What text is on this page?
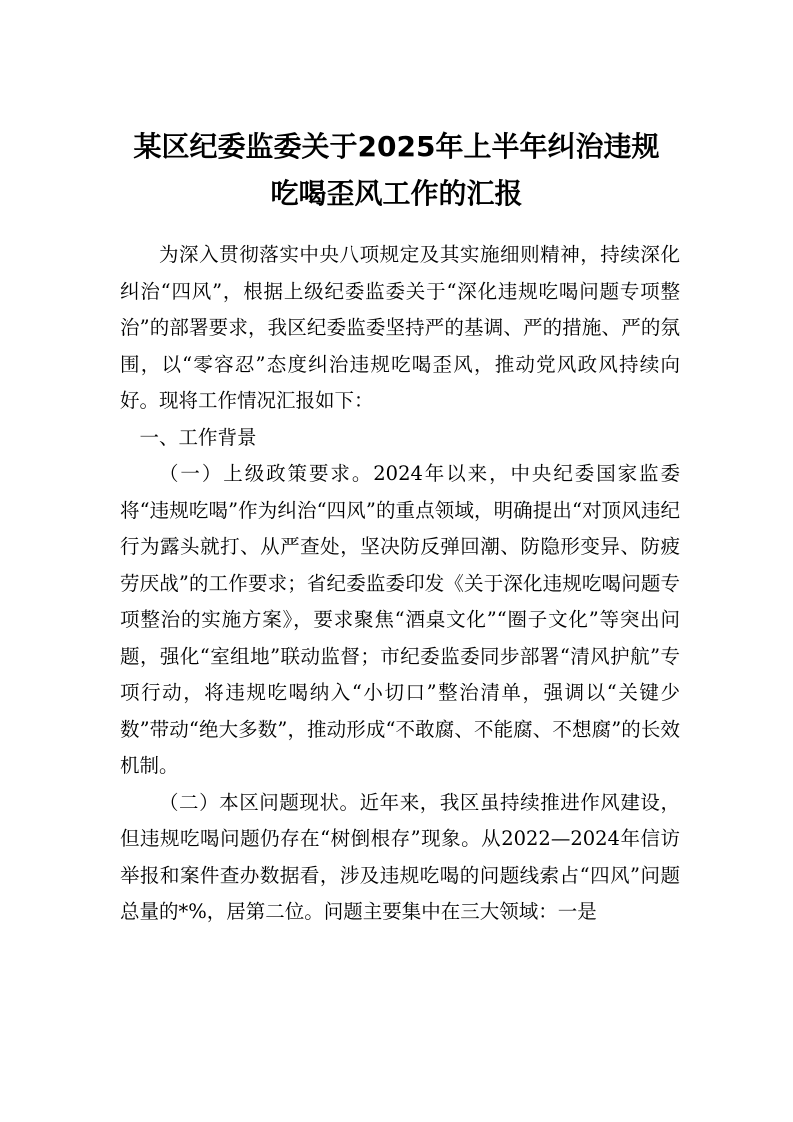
某区纪委监委关于2025年上半年纠治违规
吃喝歪风工作的汇报

为深入贯彻落实中央八项规定及其实施细则精神，持续深化纠治“四风”，根据上级纪委监委关于“深化违规吃喝问题专项整治”的部署要求，我区纪委监委坚持严的基调、严的措施、严的氛围，以“零容忍”态度纠治违规吃喝歪风，推动党风政风持续向好。现将工作情况汇报如下：

一、工作背景

（一）上级政策要求。2024年以来，中央纪委国家监委将“违规吃喝”作为纠治“四风”的重点领域，明确提出“对顶风违纪行为露头就打、从严查处，坚决防反弹回潮、防隐形变异、防疲劳厌战”的工作要求；省纪委监委印发《关于深化违规吃喝问题专项整治的实施方案》，要求聚焦“酒桌文化”“圈子文化”等突出问题，强化“室组地”联动监督；市纪委监委同步部署“清风护航”专项行动，将违规吃喝纳入“小切口”整治清单，强调以“关键少数”带动“绝大多数”，推动形成“不敢腐、不能腐、不想腐”的长效机制。

（二）本区问题现状。近年来，我区虽持续推进作风建设，但违规吃喝问题仍存在“树倒根存”现象。从2022—2024年信访举报和案件查办数据看，涉及违规吃喝的问题线索占“四风”问题总量的*%，居第二位。问题主要集中在三大领域：一是
